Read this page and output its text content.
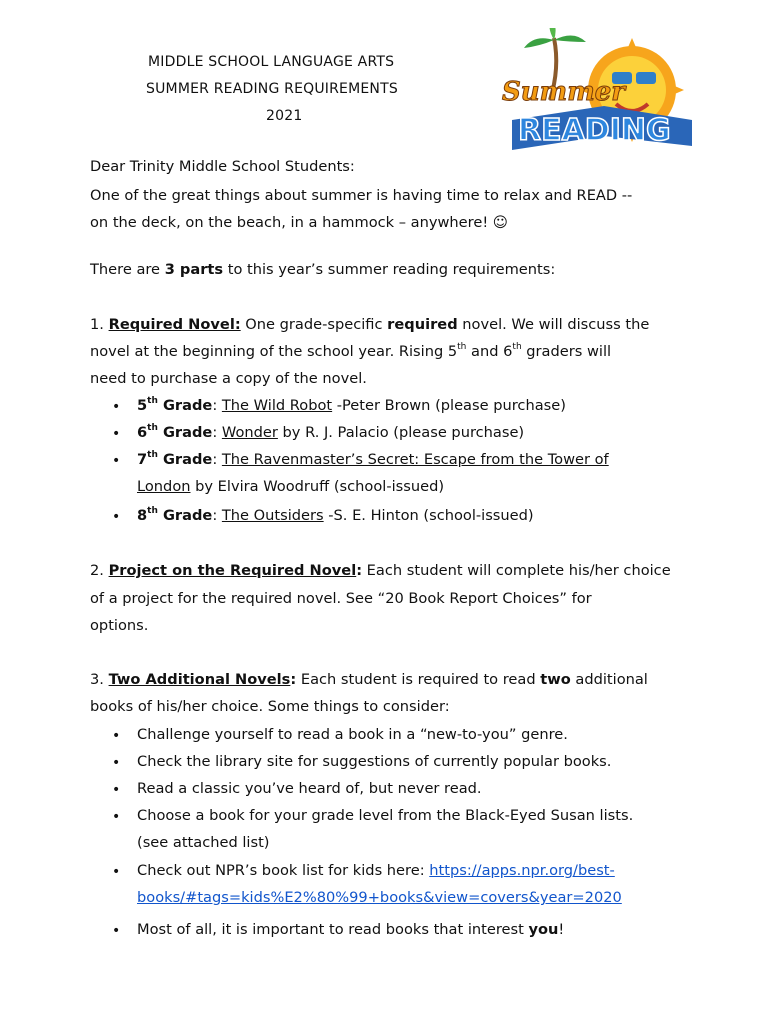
MIDDLE SCHOOL LANGUAGE ARTS
SUMMER READING REQUIREMENTS
2021
Summer
READING
Dear Trinity Middle School Students:
One of the great things about summer is having time to relax and READ --
on the deck, on the beach, in a hammock – anywhere! ☺
There are 3 parts to this year’s summer reading requirements:
1. Required Novel: One grade-specific required novel. We will discuss the
novel at the beginning of the school year. Rising 5th and 6th graders will
need to purchase a copy of the novel.
• 5th Grade: The Wild Robot -Peter Brown (please purchase)
• 6th Grade: Wonder by R. J. Palacio (please purchase)
• 7th Grade: The Ravenmaster’s Secret: Escape from the Tower of
London by Elvira Woodruff (school-issued)
• 8th Grade: The Outsiders -S. E. Hinton (school-issued)
2. Project on the Required Novel: Each student will complete his/her choice
of a project for the required novel. See “20 Book Report Choices” for
options.
3. Two Additional Novels: Each student is required to read two additional
books of his/her choice. Some things to consider:
• Challenge yourself to read a book in a “new-to-you” genre.
• Check the library site for suggestions of currently popular books.
• Read a classic you’ve heard of, but never read.
• Choose a book for your grade level from the Black-Eyed Susan lists.
(see attached list)
• Check out NPR’s book list for kids here: https://apps.npr.org/best-
books/#tags=kids%E2%80%99+books&view=covers&year=2020
• Most of all, it is important to read books that interest you!
